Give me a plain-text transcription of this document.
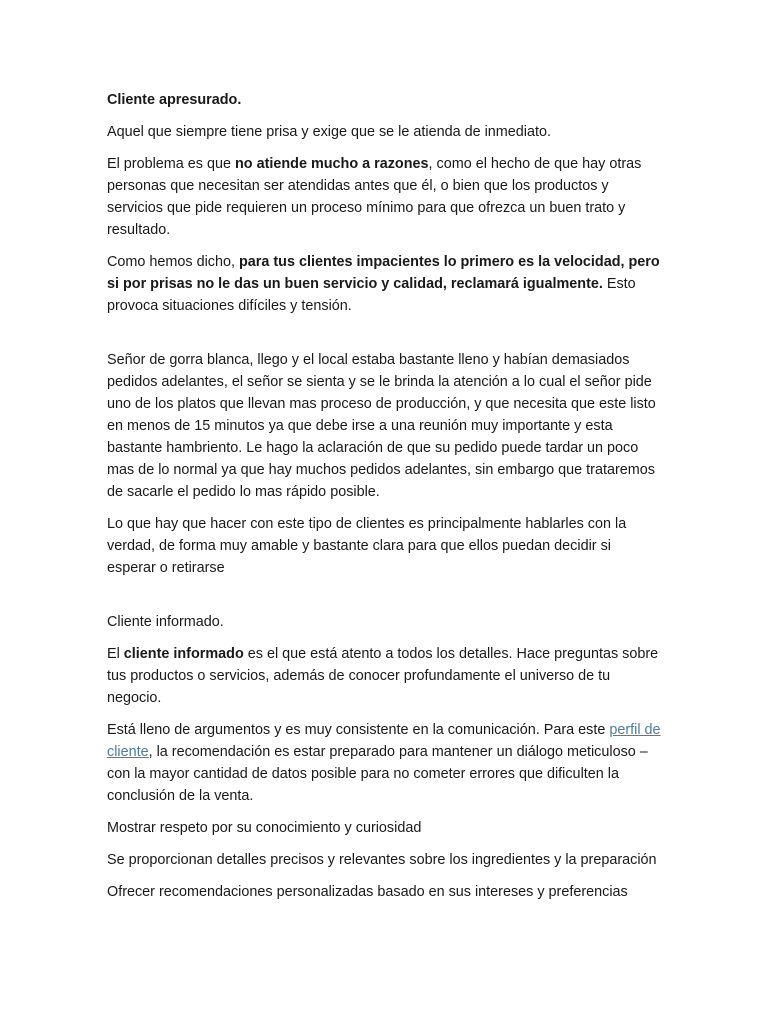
Cliente apresurado.

Aquel que siempre tiene prisa y exige que se le atienda de inmediato.

El problema es que no atiende mucho a razones, como el hecho de que hay otras personas que necesitan ser atendidas antes que él, o bien que los productos y servicios que pide requieren un proceso mínimo para que ofrezca un buen trato y resultado.

Como hemos dicho, para tus clientes impacientes lo primero es la velocidad, pero si por prisas no le das un buen servicio y calidad, reclamará igualmente. Esto provoca situaciones difíciles y tensión.

Señor de gorra blanca, llego y el local estaba bastante lleno y habían demasiados pedidos adelantes, el señor se sienta y se le brinda la atención a lo cual el señor pide uno de los platos que llevan mas proceso de producción, y que necesita que este listo en menos de 15 minutos ya que debe irse a una reunión muy importante y esta bastante hambriento. Le hago la aclaración de que su pedido puede tardar un poco mas de lo normal ya que hay muchos pedidos adelantes, sin embargo que trataremos de sacarle el pedido lo mas rápido posible.

Lo que hay que hacer con este tipo de clientes es principalmente hablarles con la verdad, de forma muy amable y bastante clara para que ellos puedan decidir si esperar o retirarse

Cliente informado.

El cliente informado es el que está atento a todos los detalles. Hace preguntas sobre tus productos o servicios, además de conocer profundamente el universo de tu negocio.

Está lleno de argumentos y es muy consistente en la comunicación. Para este perfil de cliente, la recomendación es estar preparado para mantener un diálogo meticuloso –con la mayor cantidad de datos posible para no cometer errores que dificulten la conclusión de la venta.

Mostrar respeto por su conocimiento y curiosidad

Se proporcionan detalles precisos y relevantes sobre los ingredientes y la preparación

Ofrecer recomendaciones personalizadas basado en sus intereses y preferencias
